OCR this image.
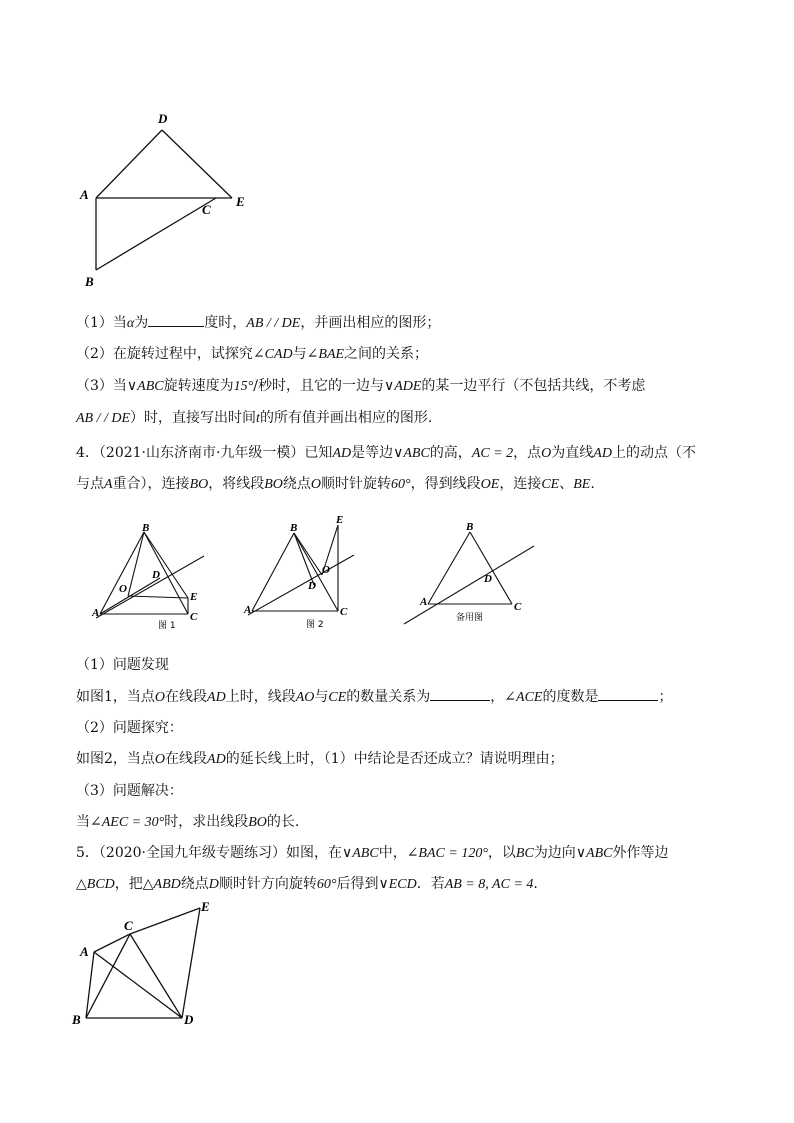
D
A
C
E
B
（1）当α为	度时，AB / / DE，并画出相应的图形；
（2）在旋转过程中，试探究∠CAD与∠BAE之间的关系；
（3）当∨ABC旋转速度为15°/秒时，且它的一边与∨ADE的某一边平行（不包括共线，不考虑
AB / / DE）时，直接写出时间t的所有值并画出相应的图形.
4．（2021·山东济南市·九年级一模）已知AD是等边∨ABC的高，AC = 2，点O为直线AD上的动点（不
与点A重合），连接BO，将线段BO绕点O顺时针旋转60°，得到线段OE，连接CE、BE.
B
D
O
E
A	C
图 1
B
E
O
D
A	C
图 2
B
D
A	C
备用图
（1）问题发现
如图1，当点O在线段AD上时，线段AO与CE的数量关系为	，∠ACE的度数是	；
（2）问题探究：
如图2，当点O在线段AD的延长线上时，（1）中结论是否还成立？请说明理由；
（3）问题解决：
当∠AEC = 30°时，求出线段BO的长.
5．（2020·全国九年级专题练习）如图，在∨ABC中，∠BAC = 120°，以BC为边向∨ABC外作等边
△BCD，把△ABD绕点D顺时针方向旋转60°后得到∨ECD．若AB = 8, AC = 4.
A
C
E
B	D
